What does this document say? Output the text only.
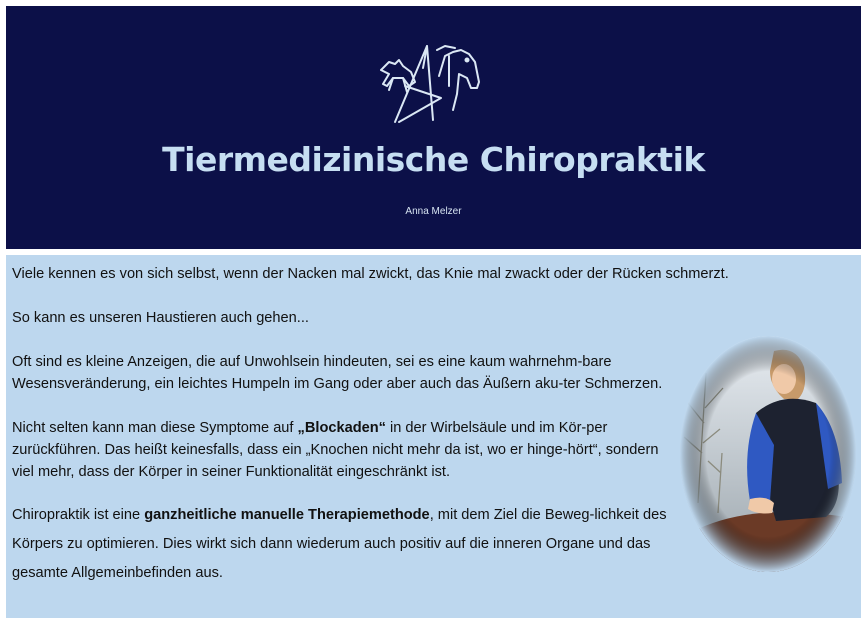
Tiermedizinische Chiropraktik
Anna Melzer

Viele kennen es von sich selbst, wenn der Nacken mal zwickt, das Knie mal zwackt oder der Rücken schmerzt.

So kann es unseren Haustieren auch gehen...

Oft sind es kleine Anzeigen, die auf Unwohlsein hindeuten, sei es eine kaum wahrnehm-bare Wesensveränderung, ein leichtes Humpeln im Gang oder aber auch das Äußern aku-ter Schmerzen.

Nicht selten kann man diese Symptome auf „Blockaden“ in der Wirbelsäule und im Kör-per zurückführen. Das heißt keinesfalls, dass ein „Knochen nicht mehr da ist, wo er hinge-hört“, sondern viel mehr, dass der Körper in seiner Funktionalität eingeschränkt ist.

Chiropraktik ist eine ganzheitliche manuelle Therapiemethode, mit dem Ziel die Beweg-lichkeit des Körpers zu optimieren. Dies wirkt sich dann wiederum auch positiv auf die inneren Organe und das gesamte Allgemeinbefinden aus.
